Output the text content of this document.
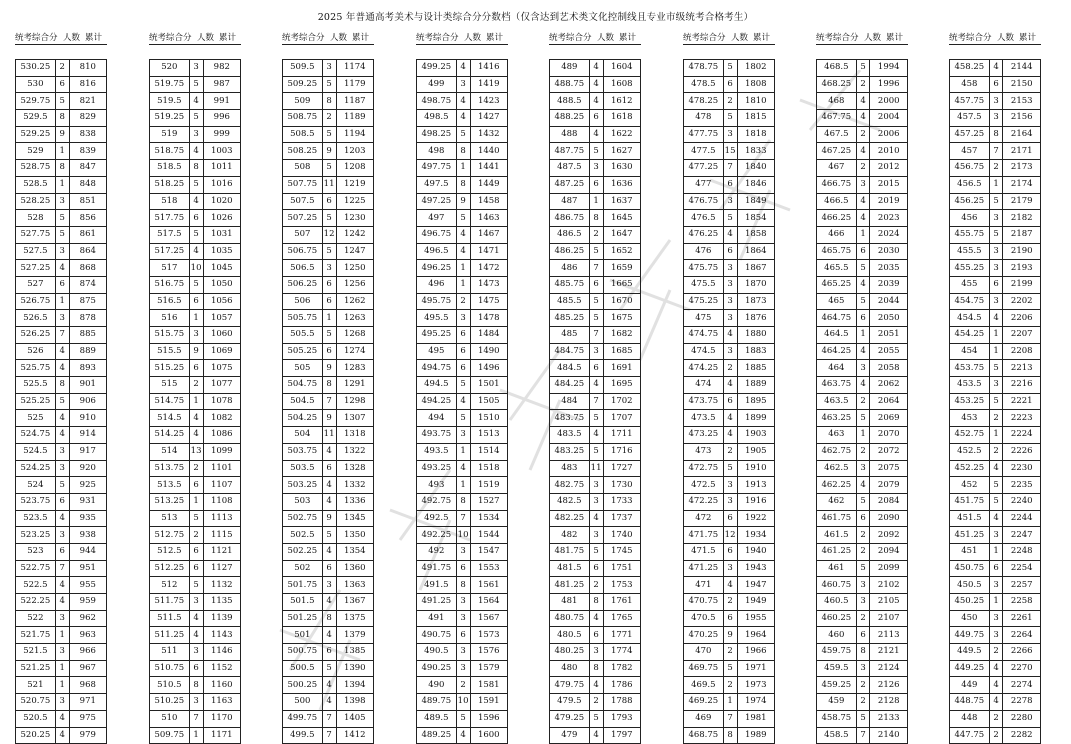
2025 年普通高考美术与设计类综合分分数档（仅含达到艺术类文化控制线且专业市级统考合格考生）
统考综合分 人数 累计
530.25	2	810
530	6	816
529.75	5	821
529.5	8	829
529.25	9	838
529	1	839
528.75	8	847
528.5	1	848
528.25	3	851
528	5	856
527.75	5	861
527.5	3	864
527.25	4	868
527	6	874
526.75	1	875
526.5	3	878
526.25	7	885
526	4	889
525.75	4	893
525.5	8	901
525.25	5	906
525	4	910
524.75	4	914
524.5	3	917
524.25	3	920
524	5	925
523.75	6	931
523.5	4	935
523.25	3	938
523	6	944
522.75	7	951
522.5	4	955
522.25	4	959
522	3	962
521.75	1	963
521.5	3	966
521.25	1	967
521	1	968
520.75	3	971
520.5	4	975
520.25	4	979
统考综合分 人数 累计
520	3	982
519.75	5	987
519.5	4	991
519.25	5	996
519	3	999
518.75	4	1003
518.5	8	1011
518.25	5	1016
518	4	1020
517.75	6	1026
517.5	5	1031
517.25	4	1035
517	10	1045
516.75	5	1050
516.5	6	1056
516	1	1057
515.75	3	1060
515.5	9	1069
515.25	6	1075
515	2	1077
514.75	1	1078
514.5	4	1082
514.25	4	1086
514	13	1099
513.75	2	1101
513.5	6	1107
513.25	1	1108
513	5	1113
512.75	2	1115
512.5	6	1121
512.25	6	1127
512	5	1132
511.75	3	1135
511.5	4	1139
511.25	4	1143
511	3	1146
510.75	6	1152
510.5	8	1160
510.25	3	1163
510	7	1170
509.75	1	1171
统考综合分 人数 累计
509.5	3	1174
509.25	5	1179
509	8	1187
508.75	2	1189
508.5	5	1194
508.25	9	1203
508	5	1208
507.75	11	1219
507.5	6	1225
507.25	5	1230
507	12	1242
506.75	5	1247
506.5	3	1250
506.25	6	1256
506	6	1262
505.75	1	1263
505.5	5	1268
505.25	6	1274
505	9	1283
504.75	8	1291
504.5	7	1298
504.25	9	1307
504	11	1318
503.75	4	1322
503.5	6	1328
503.25	4	1332
503	4	1336
502.75	9	1345
502.5	5	1350
502.25	4	1354
502	6	1360
501.75	3	1363
501.5	4	1367
501.25	8	1375
501	4	1379
500.75	6	1385
500.5	5	1390
500.25	4	1394
500	4	1398
499.75	7	1405
499.5	7	1412
统考综合分 人数 累计
499.25	4	1416
499	3	1419
498.75	4	1423
498.5	4	1427
498.25	5	1432
498	8	1440
497.75	1	1441
497.5	8	1449
497.25	9	1458
497	5	1463
496.75	4	1467
496.5	4	1471
496.25	1	1472
496	1	1473
495.75	2	1475
495.5	3	1478
495.25	6	1484
495	6	1490
494.75	6	1496
494.5	5	1501
494.25	4	1505
494	5	1510
493.75	3	1513
493.5	1	1514
493.25	4	1518
493	1	1519
492.75	8	1527
492.5	7	1534
492.25	10	1544
492	3	1547
491.75	6	1553
491.5	8	1561
491.25	3	1564
491	3	1567
490.75	6	1573
490.5	3	1576
490.25	3	1579
490	2	1581
489.75	10	1591
489.5	5	1596
489.25	4	1600
统考综合分 人数 累计
489	4	1604
488.75	4	1608
488.5	4	1612
488.25	6	1618
488	4	1622
487.75	5	1627
487.5	3	1630
487.25	6	1636
487	1	1637
486.75	8	1645
486.5	2	1647
486.25	5	1652
486	7	1659
485.75	6	1665
485.5	5	1670
485.25	5	1675
485	7	1682
484.75	3	1685
484.5	6	1691
484.25	4	1695
484	7	1702
483.75	5	1707
483.5	4	1711
483.25	5	1716
483	11	1727
482.75	3	1730
482.5	3	1733
482.25	4	1737
482	3	1740
481.75	5	1745
481.5	6	1751
481.25	2	1753
481	8	1761
480.75	4	1765
480.5	6	1771
480.25	3	1774
480	8	1782
479.75	4	1786
479.5	2	1788
479.25	5	1793
479	4	1797
统考综合分 人数 累计
478.75	5	1802
478.5	6	1808
478.25	2	1810
478	5	1815
477.75	3	1818
477.5	15	1833
477.25	7	1840
477	6	1846
476.75	3	1849
476.5	5	1854
476.25	4	1858
476	6	1864
475.75	3	1867
475.5	3	1870
475.25	3	1873
475	3	1876
474.75	4	1880
474.5	3	1883
474.25	2	1885
474	4	1889
473.75	6	1895
473.5	4	1899
473.25	4	1903
473	2	1905
472.75	5	1910
472.5	3	1913
472.25	3	1916
472	6	1922
471.75	12	1934
471.5	6	1940
471.25	3	1943
471	4	1947
470.75	2	1949
470.5	6	1955
470.25	9	1964
470	2	1966
469.75	5	1971
469.5	2	1973
469.25	1	1974
469	7	1981
468.75	8	1989
统考综合分 人数 累计
468.5	5	1994
468.25	2	1996
468	4	2000
467.75	4	2004
467.5	2	2006
467.25	4	2010
467	2	2012
466.75	3	2015
466.5	4	2019
466.25	4	2023
466	1	2024
465.75	6	2030
465.5	5	2035
465.25	4	2039
465	5	2044
464.75	6	2050
464.5	1	2051
464.25	4	2055
464	3	2058
463.75	4	2062
463.5	2	2064
463.25	5	2069
463	1	2070
462.75	2	2072
462.5	3	2075
462.25	4	2079
462	5	2084
461.75	6	2090
461.5	2	2092
461.25	2	2094
461	5	2099
460.75	3	2102
460.5	3	2105
460.25	2	2107
460	6	2113
459.75	8	2121
459.5	3	2124
459.25	2	2126
459	2	2128
458.75	5	2133
458.5	7	2140
统考综合分 人数 累计
458.25	4	2144
458	6	2150
457.75	3	2153
457.5	3	2156
457.25	8	2164
457	7	2171
456.75	2	2173
456.5	1	2174
456.25	5	2179
456	3	2182
455.75	5	2187
455.5	3	2190
455.25	3	2193
455	6	2199
454.75	3	2202
454.5	4	2206
454.25	1	2207
454	1	2208
453.75	5	2213
453.5	3	2216
453.25	5	2221
453	2	2223
452.75	1	2224
452.5	2	2226
452.25	4	2230
452	5	2235
451.75	5	2240
451.5	4	2244
451.25	3	2247
451	1	2248
450.75	6	2254
450.5	3	2257
450.25	1	2258
450	3	2261
449.75	3	2264
449.5	2	2266
449.25	4	2270
449	4	2274
448.75	4	2278
448	2	2280
447.75	2	2282
